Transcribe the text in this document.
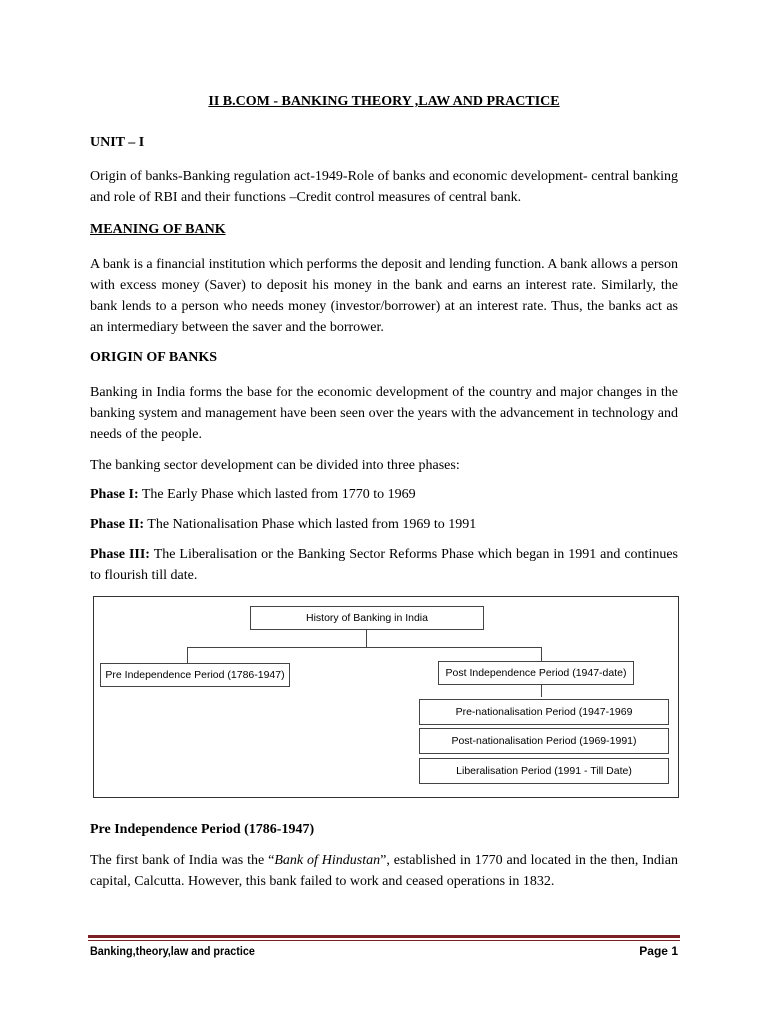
II B.COM - BANKING THEORY ,LAW AND PRACTICE
UNIT – I
Origin of banks-Banking regulation act-1949-Role of banks and economic development- central banking and role of RBI and their functions –Credit control measures of central bank.
MEANING OF BANK
A bank is a financial institution which performs the deposit and lending function. A bank allows a person with excess money (Saver) to deposit his money in the bank and earns an interest rate. Similarly, the bank lends to a person who needs money (investor/borrower) at an interest rate. Thus, the banks act as an intermediary between the saver and the borrower.
ORIGIN OF BANKS
Banking in India forms the base for the economic development of the country and major changes in the banking system and management have been seen over the years with the advancement in technology and needs of the people.
The banking sector development can be divided into three phases:
Phase I: The Early Phase which lasted from 1770 to 1969
Phase II: The Nationalisation Phase which lasted from 1969 to 1991
Phase III: The Liberalisation or the Banking Sector Reforms Phase which began in 1991 and continues to flourish till date.
History of Banking in India
Pre Independence Period (1786-1947)	Post Independence Period (1947-date)
Pre-nationalisation Period (1947-1969
Post-nationalisation Period (1969-1991)
Liberalisation Period (1991 - Till Date)
Pre Independence Period (1786-1947)
The first bank of India was the “Bank of Hindustan”, established in 1770 and located in the then, Indian capital, Calcutta. However, this bank failed to work and ceased operations in 1832.
Banking,theory,law and practice	Page 1
